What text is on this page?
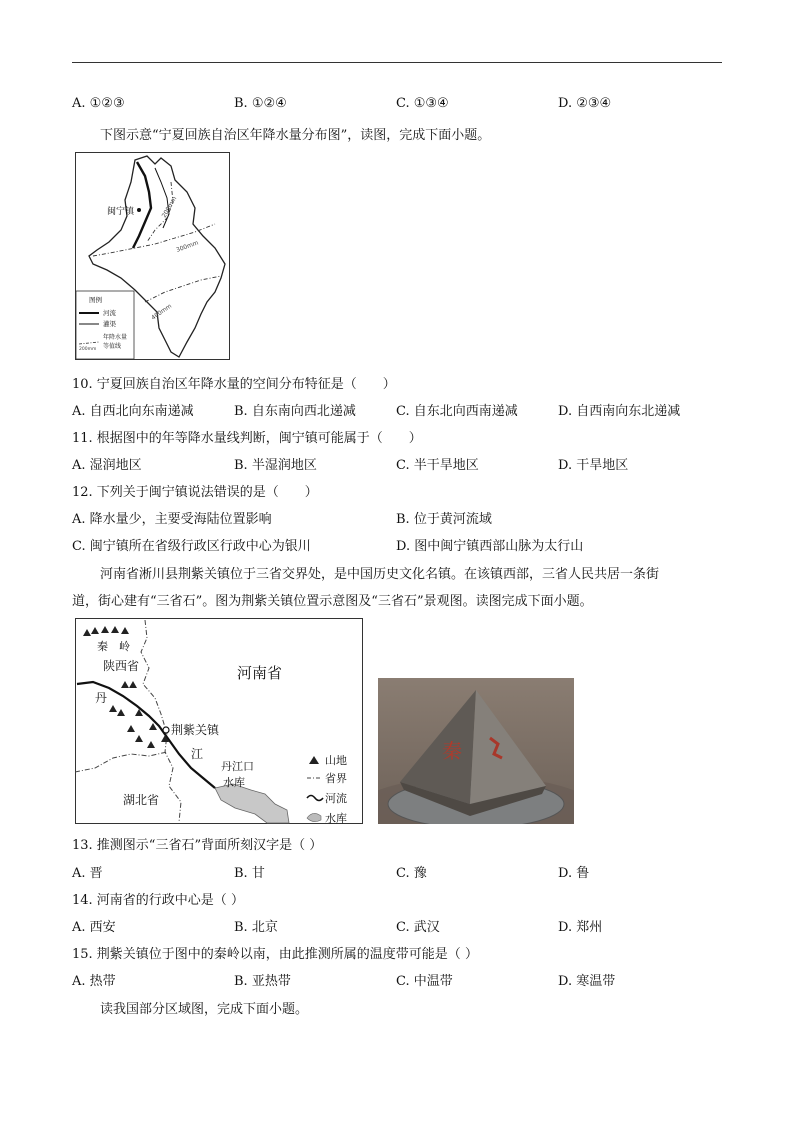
A. ①②③	B. ①②④	C. ①③④	D. ②③④
下图示意“宁夏回族自治区年降水量分布图”，读图，完成下面小题。
闽宁镇	200mm
300mm
400mm
图例
河流
灌渠
年降水量
等值线
200mm
10. 宁夏回族自治区年降水量的空间分布特征是（　　）
A. 自西北向东南递减	B. 自东南向西北递减	C. 自东北向西南递减	D. 自西南向东北递减
11. 根据图中的年等降水量线判断，闽宁镇可能属于（　　）
A. 湿润地区	B. 半湿润地区	C. 半干旱地区	D. 干旱地区
12. 下列关于闽宁镇说法错误的是（　　）
A. 降水量少，主要受海陆位置影响	B. 位于黄河流域
C. 闽宁镇所在省级行政区行政中心为银川	D. 图中闽宁镇西部山脉为太行山
河南省淅川县荆紫关镇位于三省交界处，是中国历史文化名镇。在该镇西部，三省人民共居一条街
道，街心建有“三省石”。图为荆紫关镇位置示意图及“三省石”景观图。读图完成下面小题。
秦 岭
陕西省	河南省
丹
荆紫关镇
江
丹江口
水库
湖北省
山地
省界
河流
水库
秦
13. 推测图示“三省石”背面所刻汉字是（ ）
A. 晋	B. 甘	C. 豫	D. 鲁
14. 河南省的行政中心是（ ）
A. 西安	B. 北京	C. 武汉	D. 郑州
15. 荆紫关镇位于图中的秦岭以南，由此推测所属的温度带可能是（ ）
A. 热带	B. 亚热带	C. 中温带	D. 寒温带
读我国部分区域图，完成下面小题。
